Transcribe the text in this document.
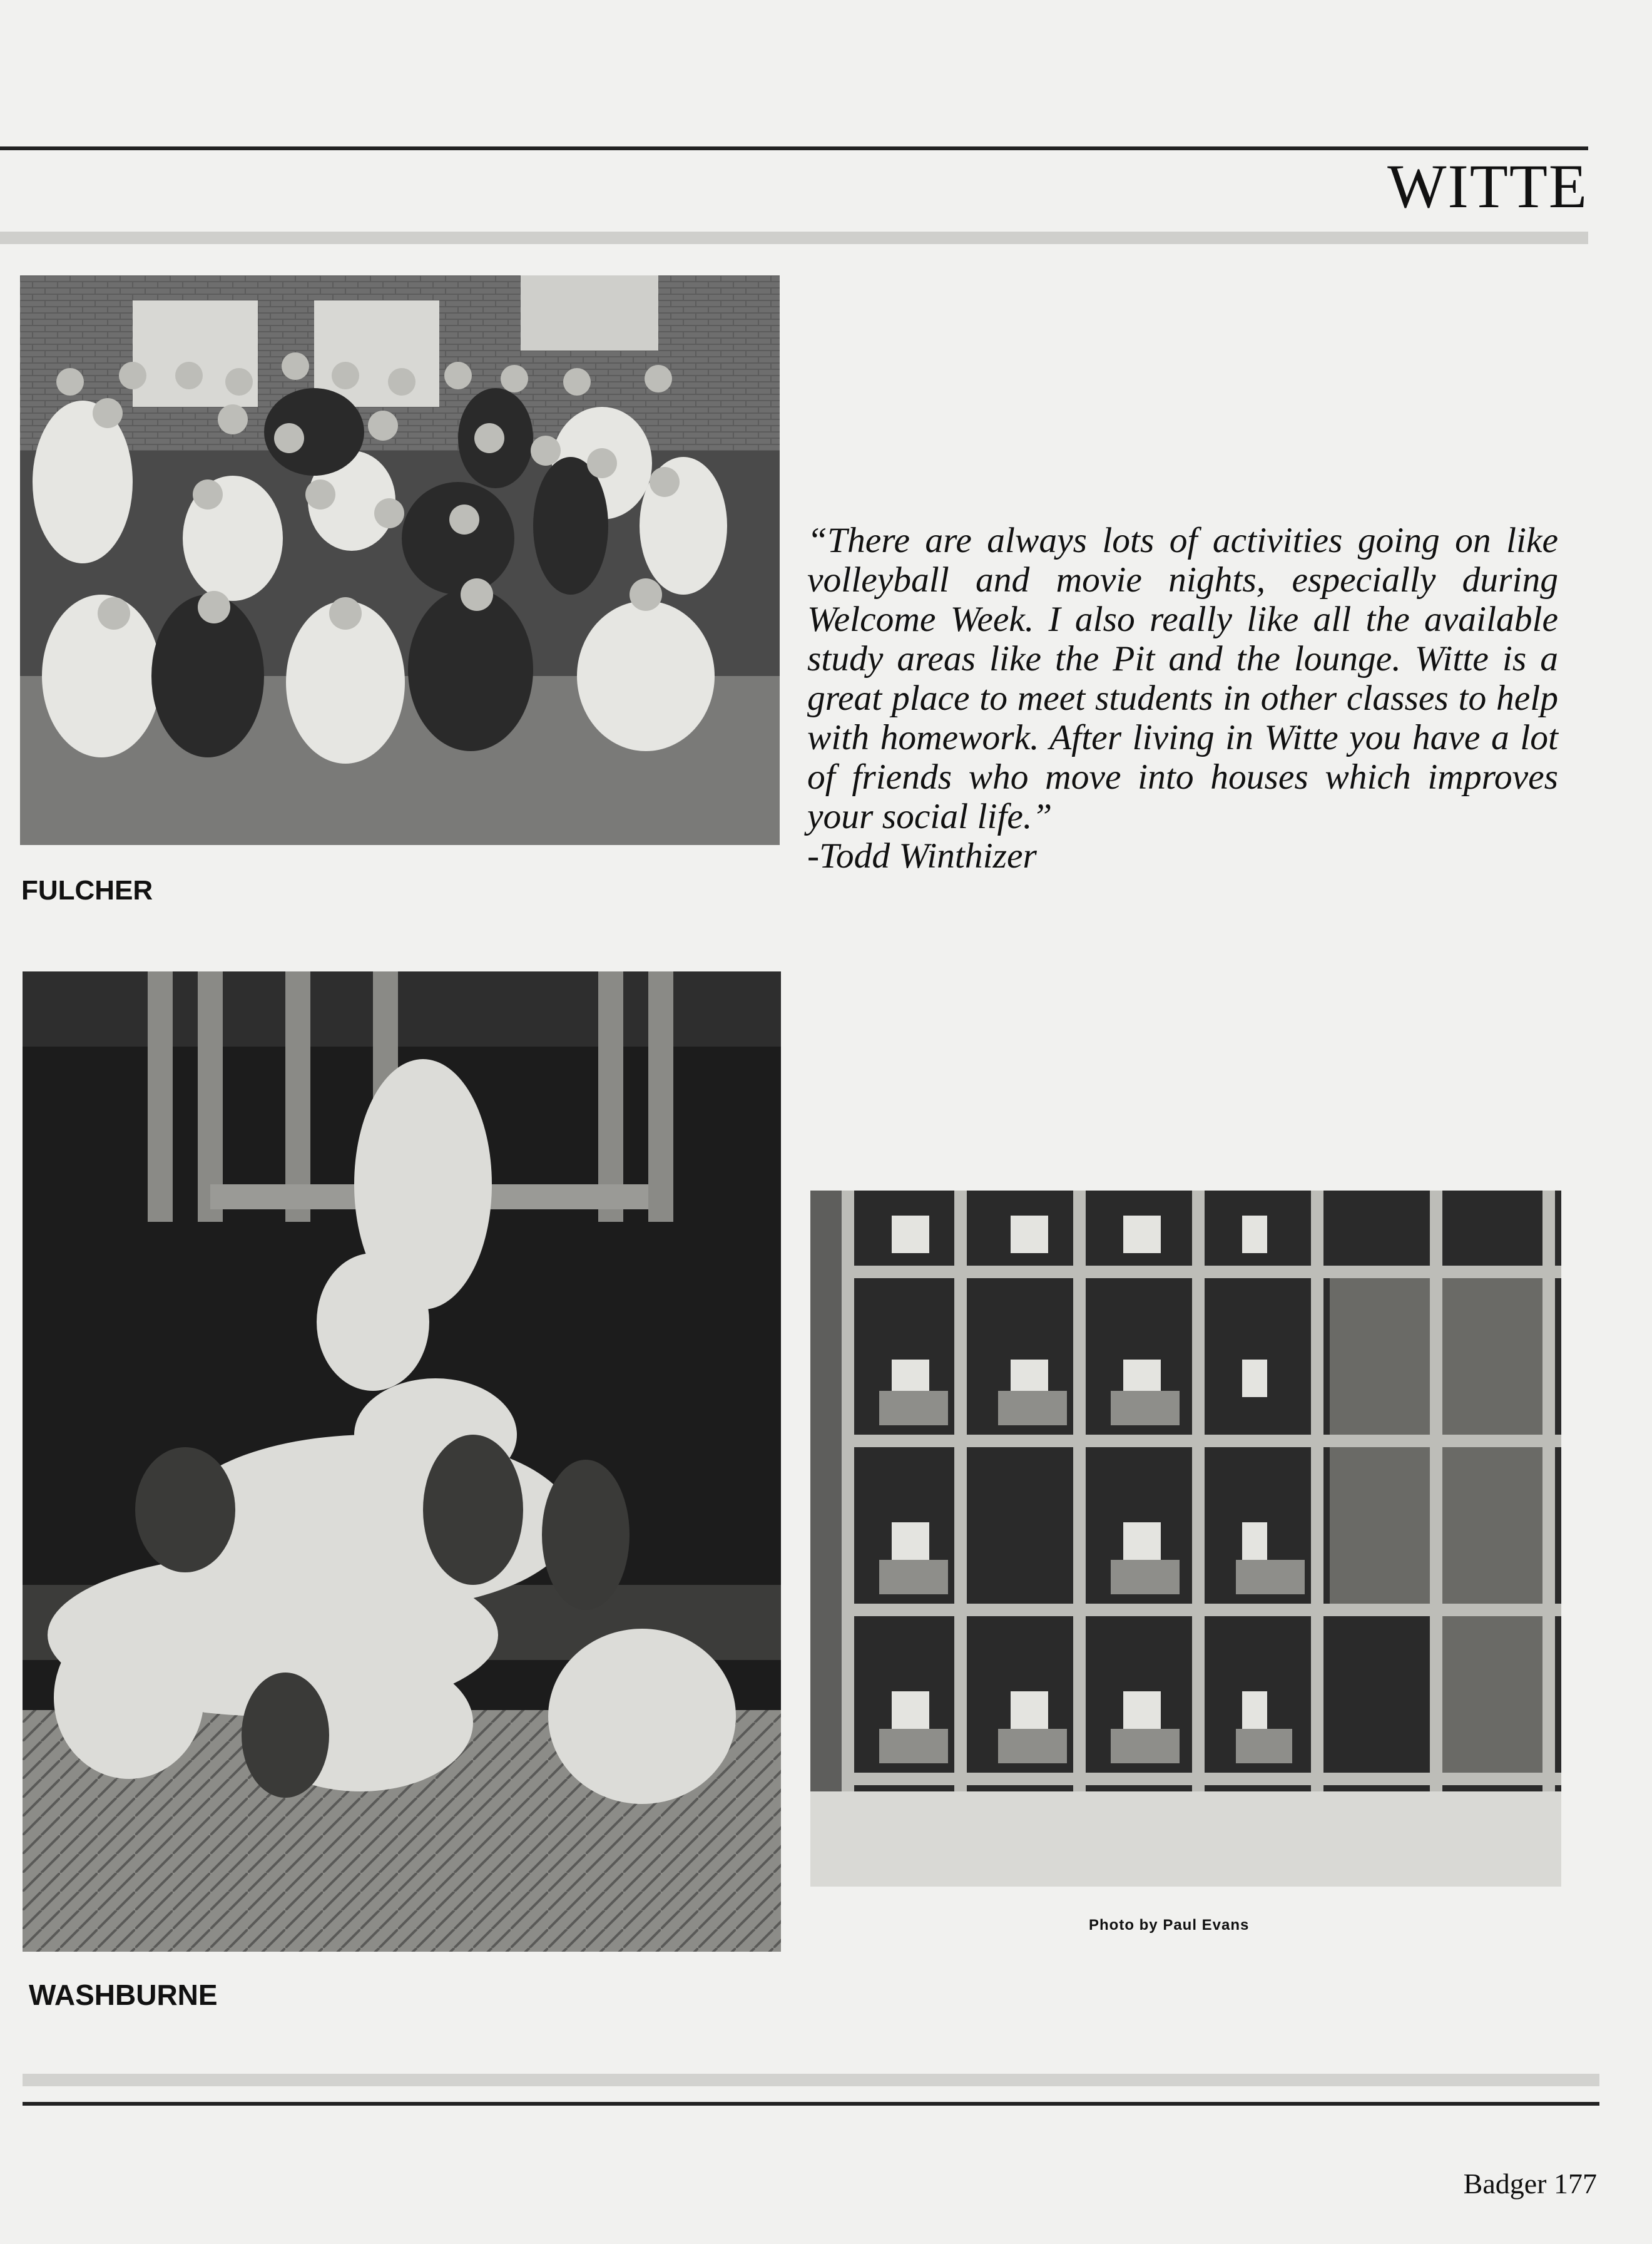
WITTE
FULCHER
“There are always lots of activities going on like volleyball and movie nights, especially during Welcome Week. I also really like all the available study areas like the Pit and the lounge. Witte is a great place to meet students in other classes to help with homework. After living in Witte you have a lot of friends who move into houses which improves your social life.”
-Todd Winthizer
WASHBURNE
Photo by Paul Evans
Badger 177
